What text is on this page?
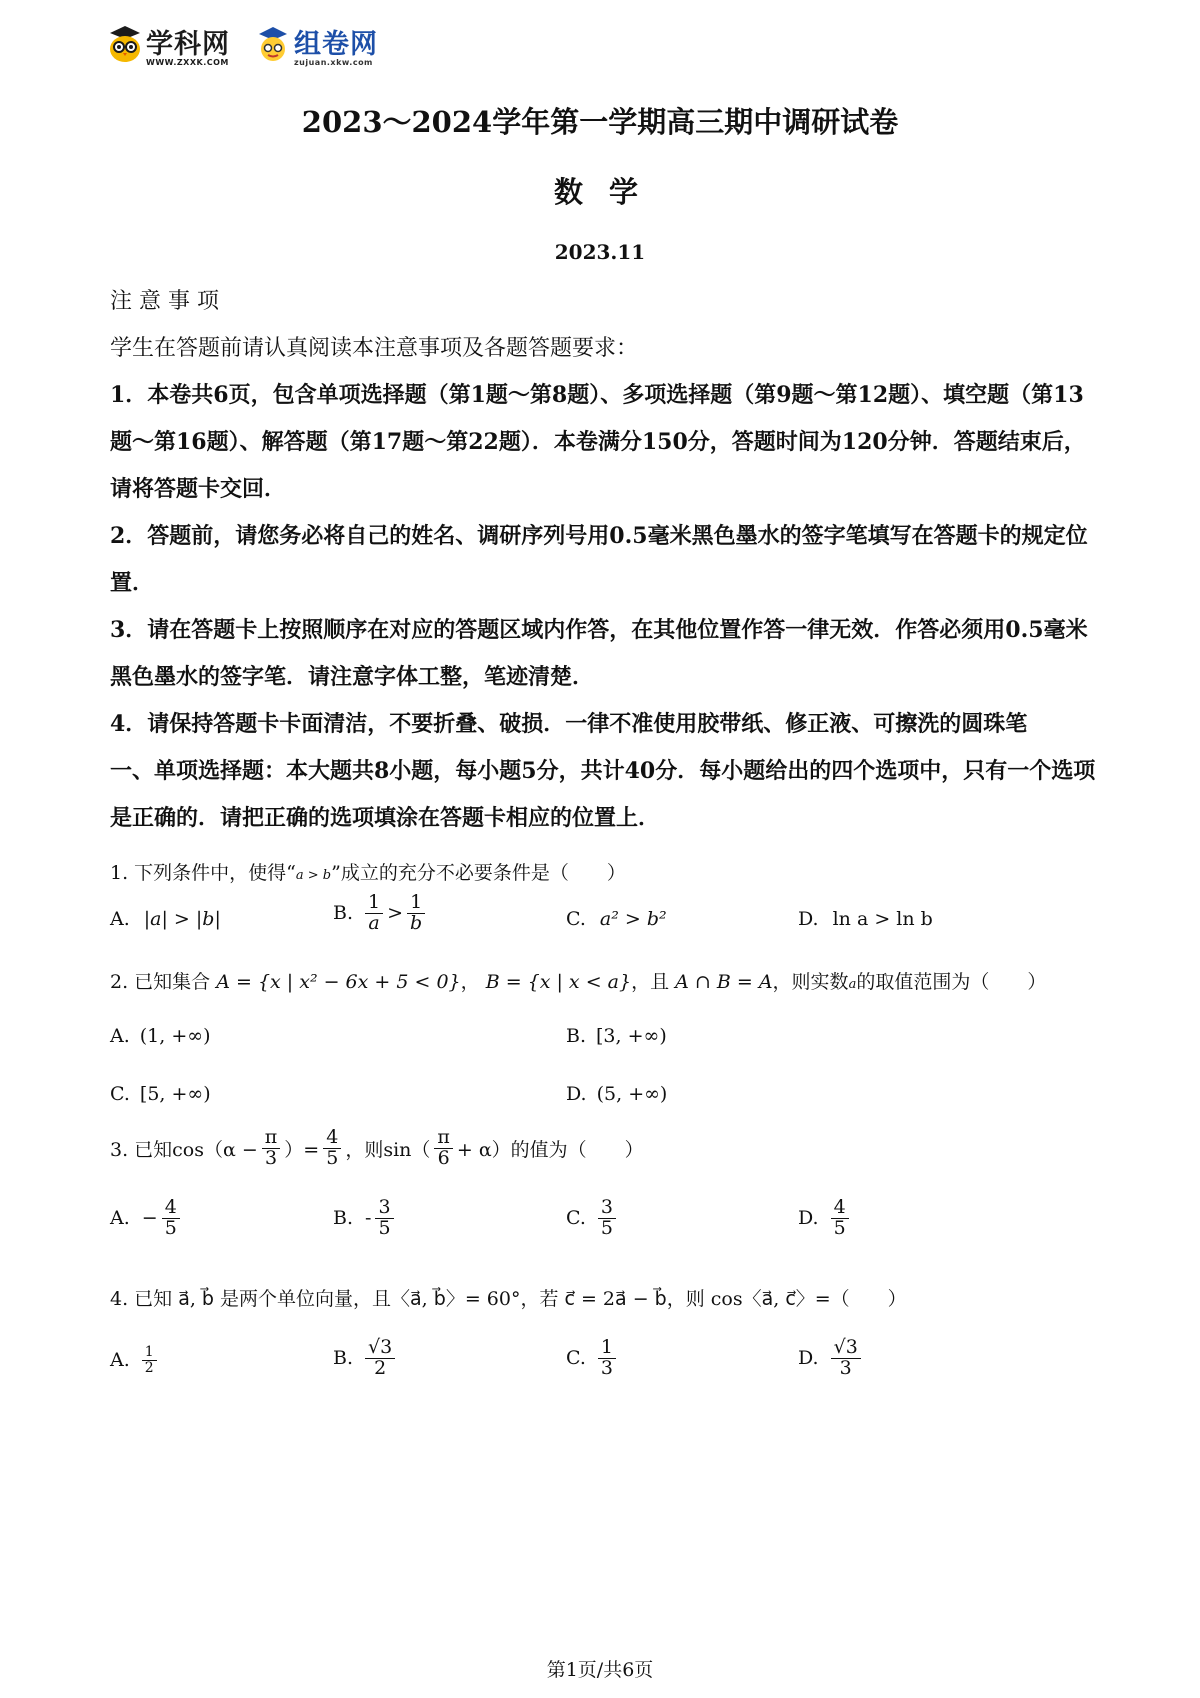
学科网
WWW.ZXXK.COM
组卷网
zujuan.xkw.com
2023～2024学年第一学期高三期中调研试卷
数 学
2023.11

注 意 事 项

学生在答题前请认真阅读本注意事项及各题答题要求：

1．本卷共6页，包含单项选择题（第1题～第8题）、多项选择题（第9题～第12题）、填空题（第13题～第16题）、解答题（第17题～第22题）．本卷满分150分，答题时间为120分钟．答题结束后，请将答题卡交回．

2．答题前，请您务必将自己的姓名、调研序列号用0.5毫米黑色墨水的签字笔填写在答题卡的规定位置．

3．请在答题卡上按照顺序在对应的答题区域内作答，在其他位置作答一律无效．作答必须用0.5毫米黑色墨水的签字笔．请注意字体工整，笔迹清楚．

4．请保持答题卡卡面清洁，不要折叠、破损．一律不准使用胶带纸、修正液、可擦洗的圆珠笔

一、单项选择题：本大题共8小题，每小题5分，共计40分．每小题给出的四个选项中，只有一个选项是正确的．请把正确的选项填涂在答题卡相应的位置上．

1. 下列条件中，使得“a > b”成立的充分不必要条件是（　　）
A. |a| > |b|	B. $\frac{1}{a} > \frac{1}{b}$	C. a² > b²	D. ln a > ln b
2. 已知集合 A = {x | x² − 6x + 5 < 0}， B = {x | x < a}，且 A ∩ B = A，则实数a的取值范围为（　　）
A. (1, +∞)	B. [3, +∞)
C. [5, +∞)	D. (5, +∞)
3. 已知$\cos(\alpha - \frac{\pi}{3}$ ）= $\frac{4}{5}$ ，则$\sin( \frac{\pi}{6} + \alpha)$的值为（　　）
A. − $\frac{4}{5}$	B. - $\frac{3}{5}$	C. $\frac{3}{5}$	D. $\frac{4}{5}$
4. 已知 a⃗, b⃗ 是两个单位向量，且〈a⃗, b⃗〉= 60°，若 c⃗ = 2a⃗ − b⃗，则 cos〈a⃗, c⃗〉=（　　）
A. $\frac{1}{2}$	B. $\frac{√3}{2}$	C. $\frac{1}{3}$	D. $\frac{√3}{3}$
第1页/共6页
